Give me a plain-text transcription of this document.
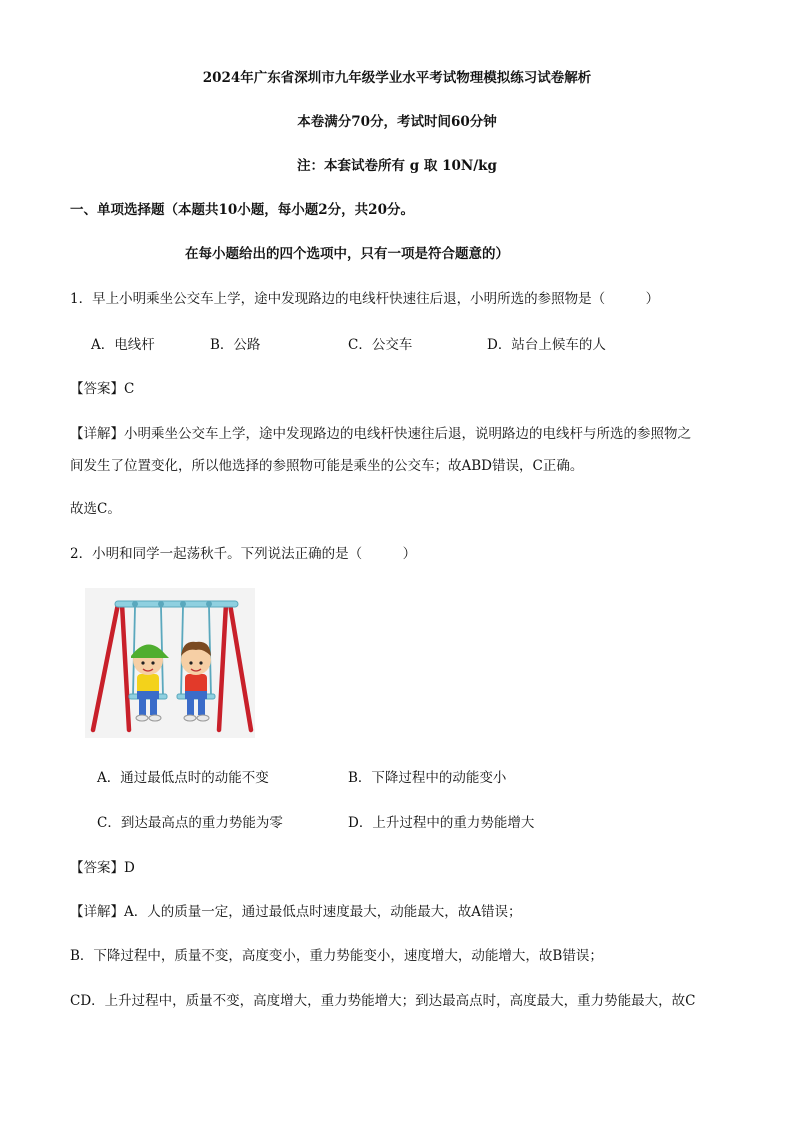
2024年广东省深圳市九年级学业水平考试物理模拟练习试卷解析
本卷满分70分，考试时间60分钟
注：本套试卷所有 g 取 10N/kg
一、单项选择题（本题共10小题，每小题2分，共20分。
在每小题给出的四个选项中，只有一项是符合题意的）
1．早上小明乘坐公交车上学，途中发现路边的电线杆快速往后退，小明所选的参照物是（　　　）
A．电线杆	B．公路	C．公交车	D．站台上候车的人
【答案】C
【详解】小明乘坐公交车上学，途中发现路边的电线杆快速往后退，说明路边的电线杆与所选的参照物之
间发生了位置变化，所以他选择的参照物可能是乘坐的公交车；故ABD错误，C正确。
故选C。
2．小明和同学一起荡秋千。下列说法正确的是（　　　）
A．通过最低点时的动能不变	B．下降过程中的动能变小
C．到达最高点的重力势能为零	D．上升过程中的重力势能增大
【答案】D
【详解】A．人的质量一定，通过最低点时速度最大，动能最大，故A错误；
B．下降过程中，质量不变，高度变小，重力势能变小，速度增大，动能增大，故B错误；
CD．上升过程中，质量不变，高度增大，重力势能增大；到达最高点时，高度最大，重力势能最大，故C
